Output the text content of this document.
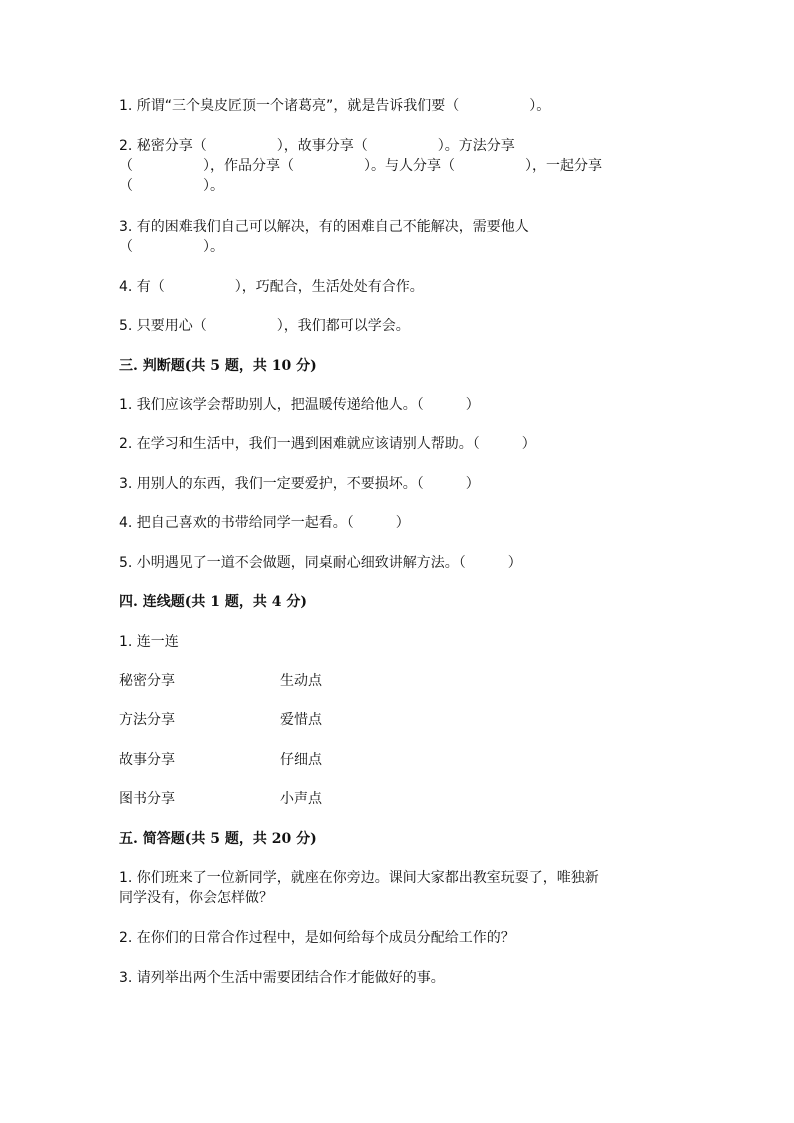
1. 所谓“三个臭皮匠顶一个诸葛亮”，就是告诉我们要（　　　　　）。
2. 秘密分享（　　　　　），故事分享（　　　　　）。方法分享
（　　　　　），作品分享（　　　　　）。与人分享（　　　　　），一起分享
（　　　　　）。
3. 有的困难我们自己可以解决，有的困难自己不能解决，需要他人
（　　　　　）。
4. 有（　　　　　），巧配合，生活处处有合作。
5. 只要用心（　　　　　），我们都可以学会。
三. 判断题(共 5 题，共 10 分)
1. 我们应该学会帮助别人，把温暖传递给他人。（　　　）
2. 在学习和生活中，我们一遇到困难就应该请别人帮助。（　　　）
3. 用别人的东西，我们一定要爱护，不要损坏。（　　　）
4. 把自己喜欢的书带给同学一起看。（　　　）
5. 小明遇见了一道不会做题，同桌耐心细致讲解方法。（　　　）
四. 连线题(共 1 题，共 4 分)
1. 连一连
秘密分享	生动点
方法分享	爱惜点
故事分享	仔细点
图书分享	小声点
五. 简答题(共 5 题，共 20 分)
1. 你们班来了一位新同学，就座在你旁边。课间大家都出教室玩耍了，唯独新
同学没有，你会怎样做？
2. 在你们的日常合作过程中，是如何给每个成员分配给工作的？
3. 请列举出两个生活中需要团结合作才能做好的事。
